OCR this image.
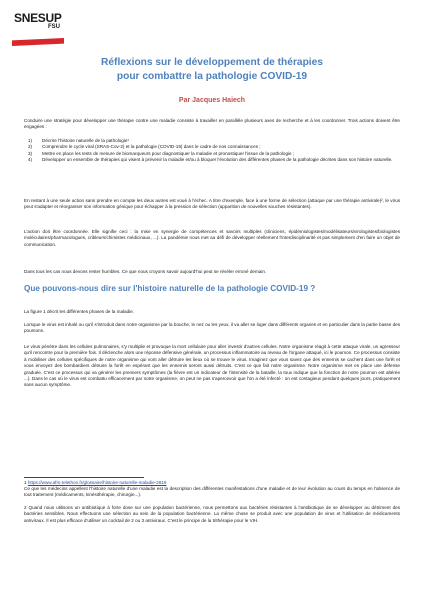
SNESUP
FSU
Réflexions sur le développement de thérapies
pour combattre la pathologie COVID-19
Par Jacques Haiech
Conduire une stratégie pour développer une thérapie contre une maladie consiste à travailler en parallèle plusieurs axes de recherche et à les coordonner. Trois actions doivent être engagées :
1)	Décrire l'histoire naturelle de la pathologie¹
2)	Comprendre le cycle viral (SRAS-Cov-2) et la pathologie (COVID-19) dans le cadre de nos connaissances ;
3)	Mettre en place les tests de mesure de biomarqueurs pour diagnostiquer la maladie et pronostiquer l'issue de la pathologie ;
4)	Développer un ensemble de thérapies qui visent à prévenir la maladie et/ou à bloquer l'évolution des différentes phases de la pathologie décrites dans son histoire naturelle.
En restant à une seule action sans prendre en compte les deux autres est voué à l'échec. A titre d'exemple, face à une forme de sélection (attaque par une thérapie antivirale)², le virus peut s'adapter et réorganiser son information génique pour échapper à la pression de sélection (apparition de nouvelles souches résistantes).
L'action doit être coordonnée. Elle signifie ceci : la mise en synergie de compétences et savoirs multiples (cliniciens, épidémiologistes/modélisateurs/virologistes/biologistes moléculaires/pharmacologues, cribleurs/chimistes médicinaux, ...). La pandémie nous met au défi de développer réellement l'interdisciplinarité et pas simplement d'en faire un objet de communication.
Dans tous les cas nous devons rester humbles. Ce que nous croyons savoir aujourd'hui peut se révéler erroné demain.
Que pouvons-nous dire sur l'histoire naturelle de la pathologie COVID-19 ?
La figure 1 décrit les différentes phases de la maladie.
Lorsque le virus est inhalé ou qu'il s'introduit dans notre organisme par la bouche, le nez ou les yeux, il va aller se loger dans différents organes et en particulier dans la partie basse des poumons.
Le virus pénètre dans les cellules pulmonaires, s'y multiplie et provoque la mort cellulaire pour aller investir d'autres cellules. Notre organisme réagit à cette attaque virale, un agresseur qu'il rencontre pour la première fois. Il déclenche alors une réponse défensive générale, un processus inflammatoire au niveau de l'organe attaqué, ici le poumon. Ce processus consiste à mobiliser des cellules spécifiques de notre organisme qui vont aller détruire les lieux où se trouve le virus. Imaginez que vous savez que des ennemis se cachent dans une forêt et vous envoyez des bombardiers détruire la forêt en espérant que les ennemis seront aussi détruits. C'est ce que fait notre organisme. Notre organisme met en place une défense graduée. C'est ce processus qui va générer les premiers symptômes (la fièvre est un indicateur de l'intensité de la bataille, la toux indique que la fonction de notre poumon est altérée ...). Dans le cas où le virus est combattu efficacement par notre organisme, on peut ne pas s'apercevoir que l'on a été infecté : on est contagieux pendant quelques jours, pratiquement sans aucun symptôme.
1 https://www.afm-telethon.fr/glossaire/histoire-naturelle-maladie-2818
Ce que les médecins appellent l'histoire naturelle d'une maladie est la description des différentes manifestations d'une maladie et de leur évolution au cours du temps en l'absence de tout traitement (médicaments, kinésithérapie, chirurgie...).
2 Quand nous utilisons un antibiotique à forte dose sur une population bactérienne, nous permettons aux bactéries résistantes à l'antibiotique de se développer au détriment des bactéries sensibles. Nous effectuons une sélection au sein de la population bactérienne. La même chose se produit avec une population de virus et l'utilisation de médicaments antiviraux. Il est plus efficace d'utiliser un cocktail de 2 ou 3 antiviraux. C'est le principe de la trithérapie pour le VIH.
